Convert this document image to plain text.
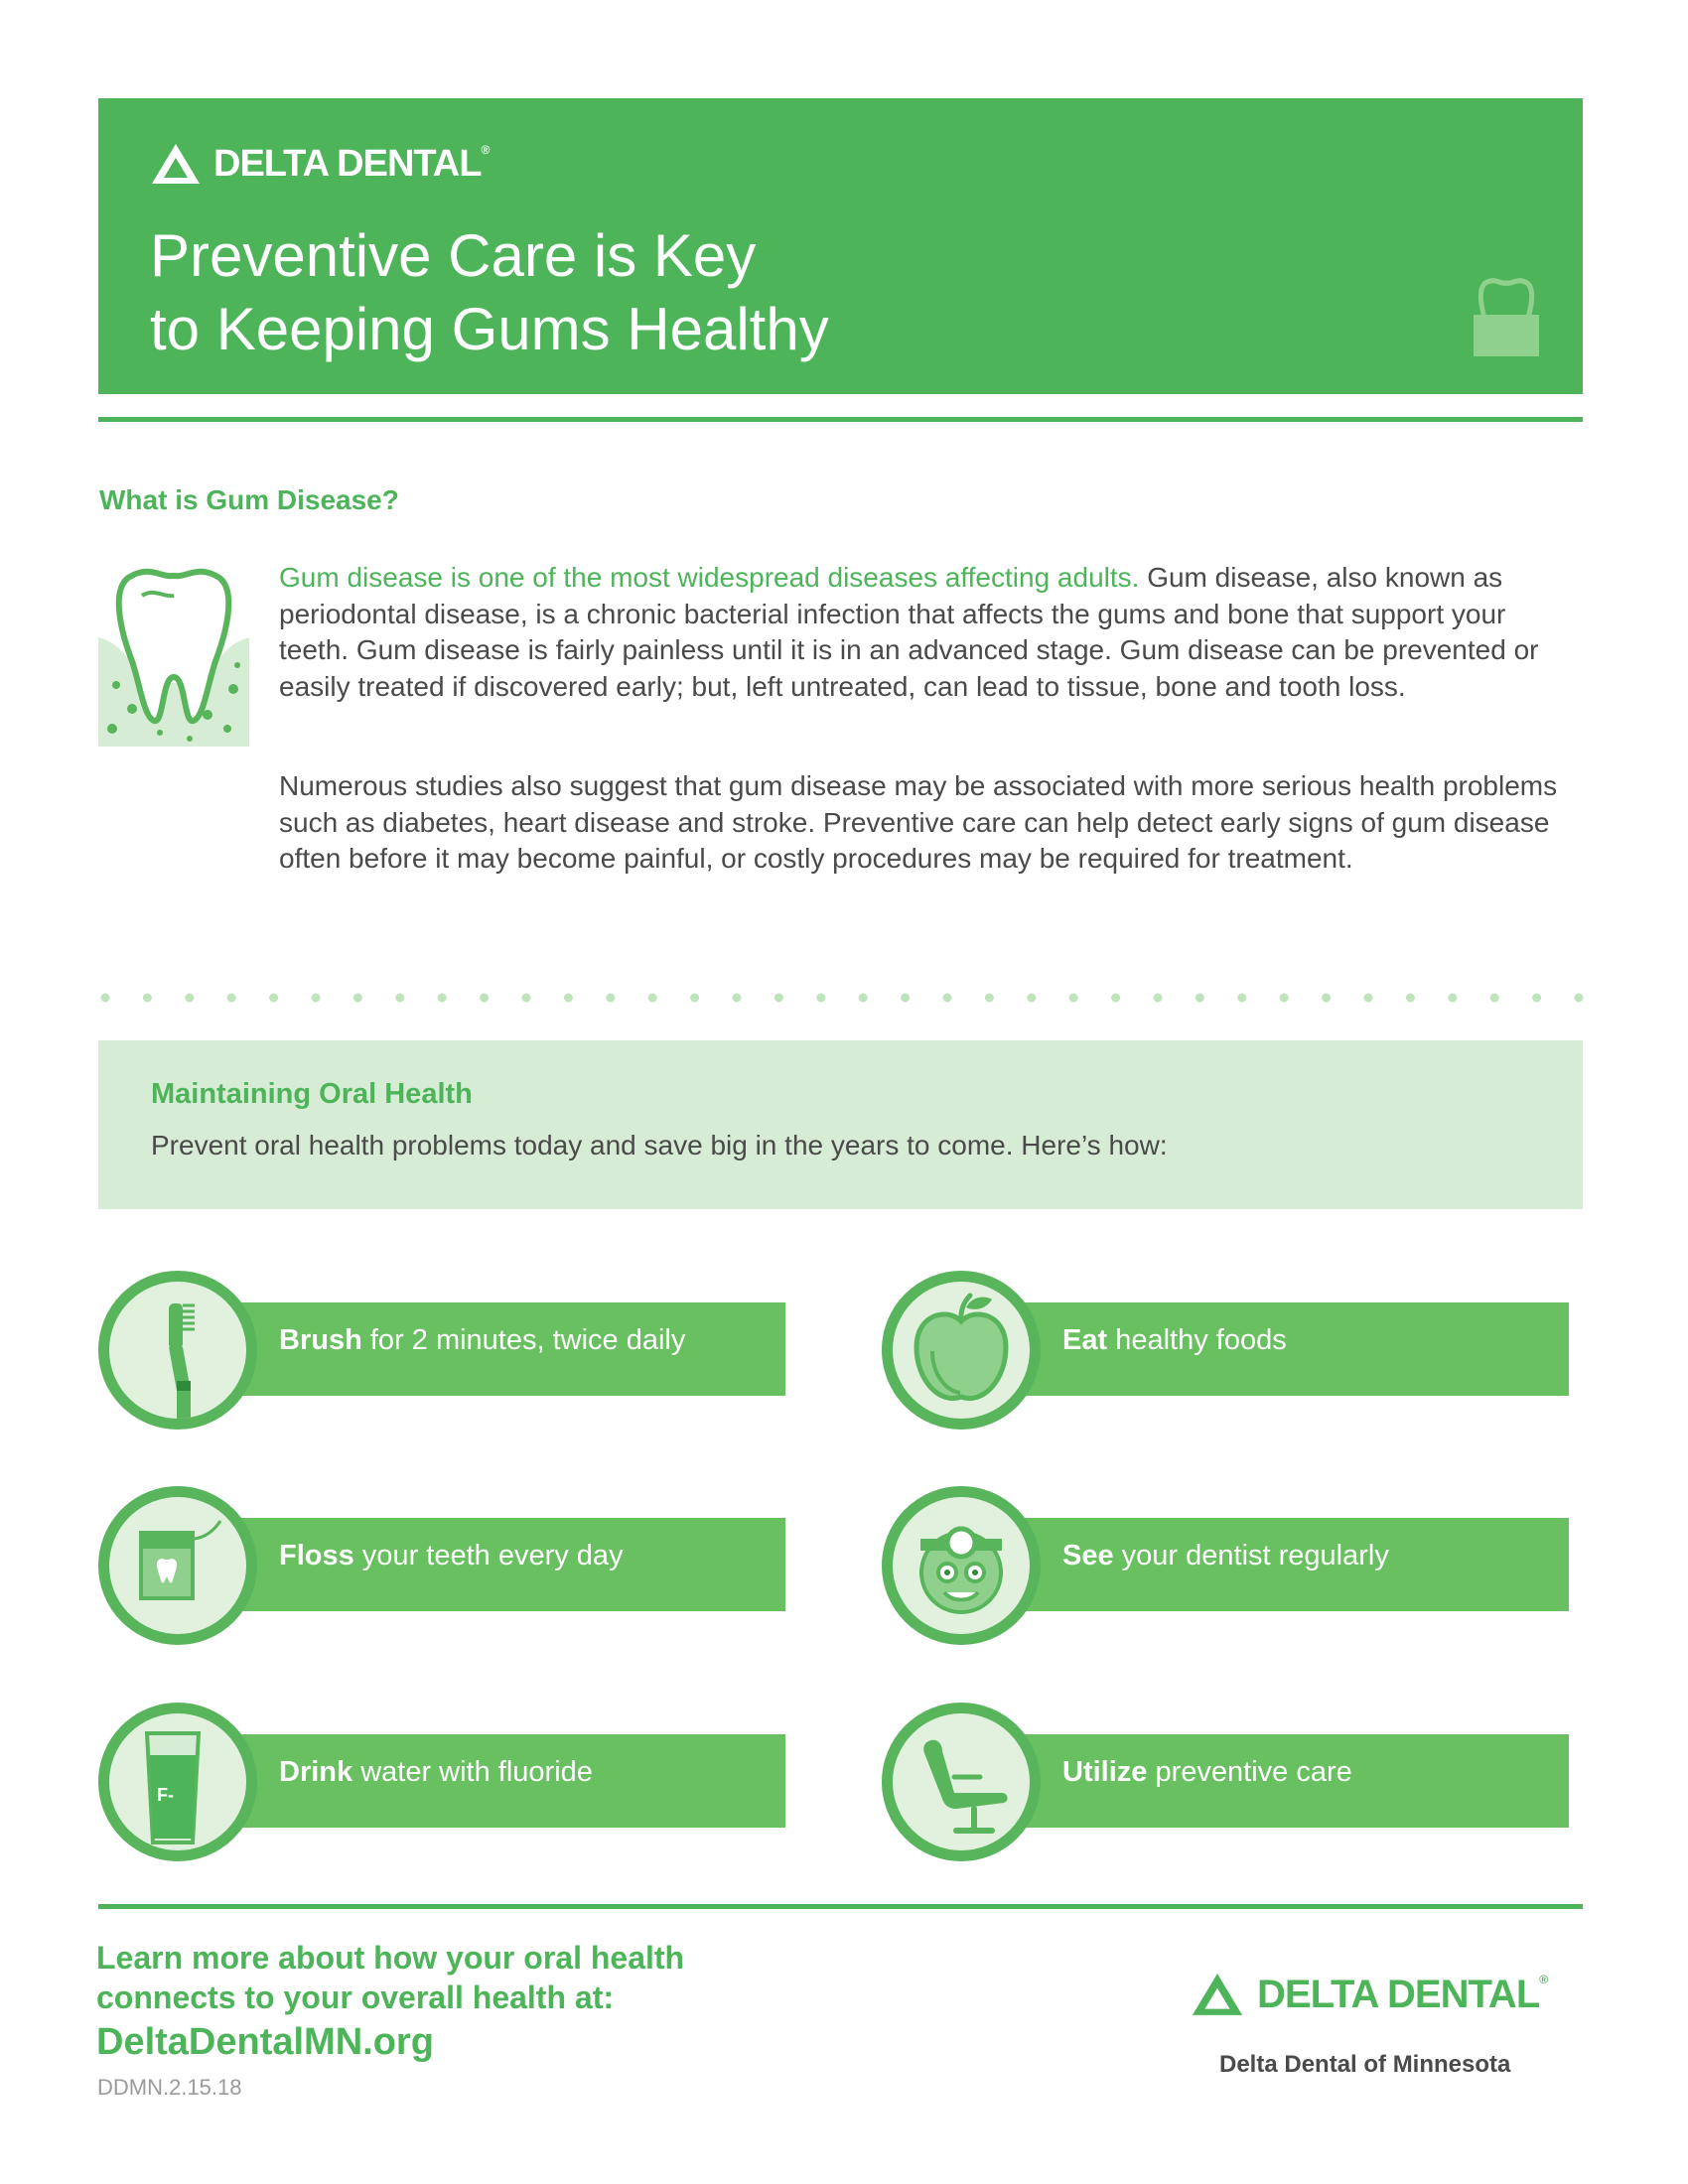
DELTA DENTAL®
Preventive Care is Key
to Keeping Gums Healthy
What is Gum Disease?

Gum disease is one of the most widespread diseases affecting adults. Gum disease, also known as periodontal disease, is a chronic bacterial infection that affects the gums and bone that support your teeth. Gum disease is fairly painless until it is in an advanced stage. Gum disease can be prevented or easily treated if discovered early; but, left untreated, can lead to tissue, bone and tooth loss.

Numerous studies also suggest that gum disease may be associated with more serious health problems such as diabetes, heart disease and stroke. Preventive care can help detect early signs of gum disease often before it may become painful, or costly procedures may be required for treatment.

Maintaining Oral Health
Prevent oral health problems today and save big in the years to come. Here’s how:
Brush for 2 minutes, twice daily	Eat healthy foods
Floss your teeth every day	See your dentist regularly
F-
Drink water with fluoride	Utilize preventive care
Learn more about how your oral health connects to your overall health at:
DeltaDentalMN.org
DDMN.2.15.18
DELTA DENTAL®
Delta Dental of Minnesota
